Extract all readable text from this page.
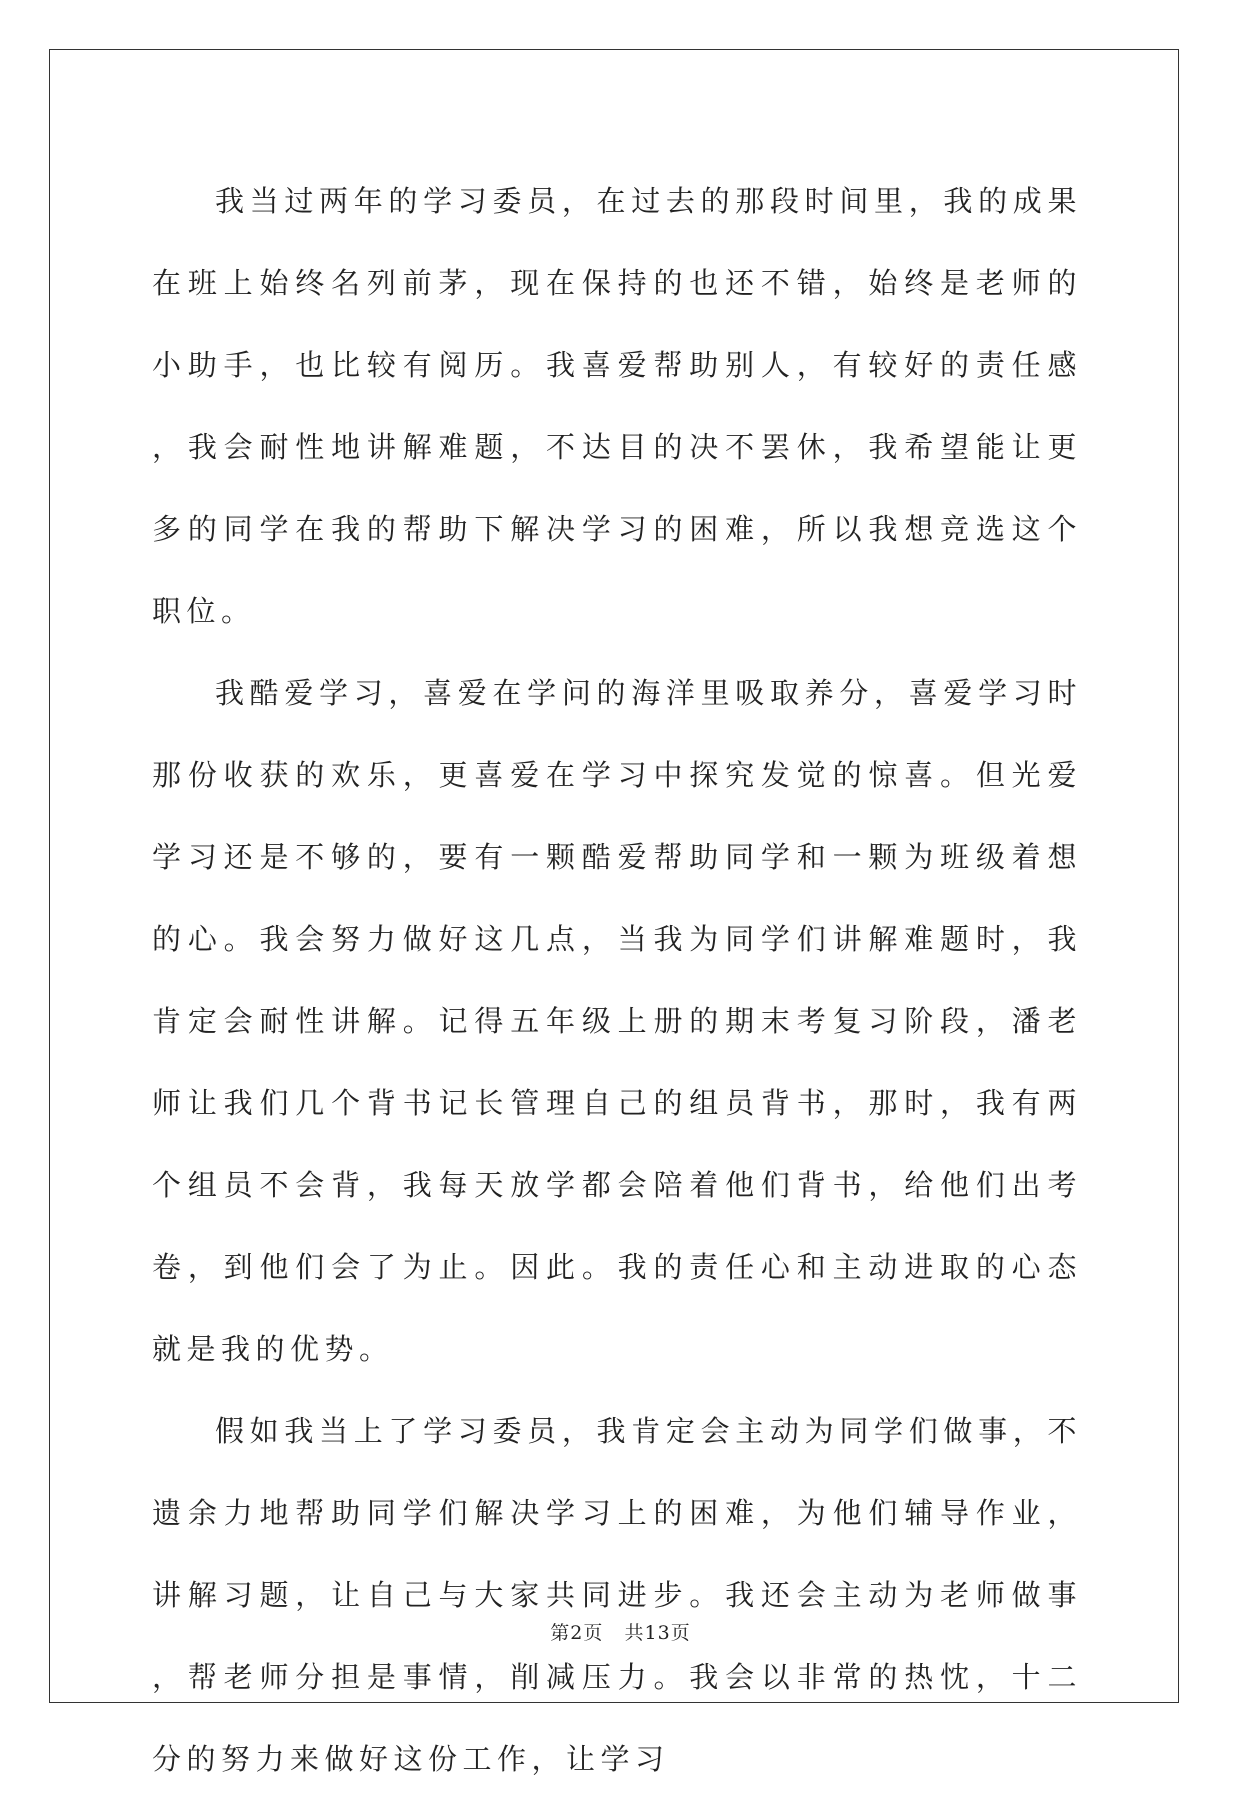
我当过两年的学习委员，在过去的那段时间里，我的成果在班上始终名列前茅，现在保持的也还不错，始终是老师的小助手，也比较有阅历。我喜爱帮助别人，有较好的责任感，我会耐性地讲解难题，不达目的决不罢休，我希望能让更多的同学在我的帮助下解决学习的困难，所以我想竞选这个职位。

我酷爱学习，喜爱在学问的海洋里吸取养分，喜爱学习时那份收获的欢乐，更喜爱在学习中探究发觉的惊喜。但光爱学习还是不够的，要有一颗酷爱帮助同学和一颗为班级着想的心。我会努力做好这几点，当我为同学们讲解难题时，我肯定会耐性讲解。记得五年级上册的期末考复习阶段，潘老师让我们几个背书记长管理自己的组员背书，那时，我有两个组员不会背，我每天放学都会陪着他们背书，给他们出考卷，到他们会了为止。因此。我的责任心和主动进取的心态就是我的优势。

假如我当上了学习委员，我肯定会主动为同学们做事，不遗余力地帮助同学们解决学习上的困难，为他们辅导作业，讲解习题，让自己与大家共同进步。我还会主动为老师做事，帮老师分担是事情，削减压力。我会以非常的热忱，十二分的努力来做好这份工作，让学习

第2页 共13页
